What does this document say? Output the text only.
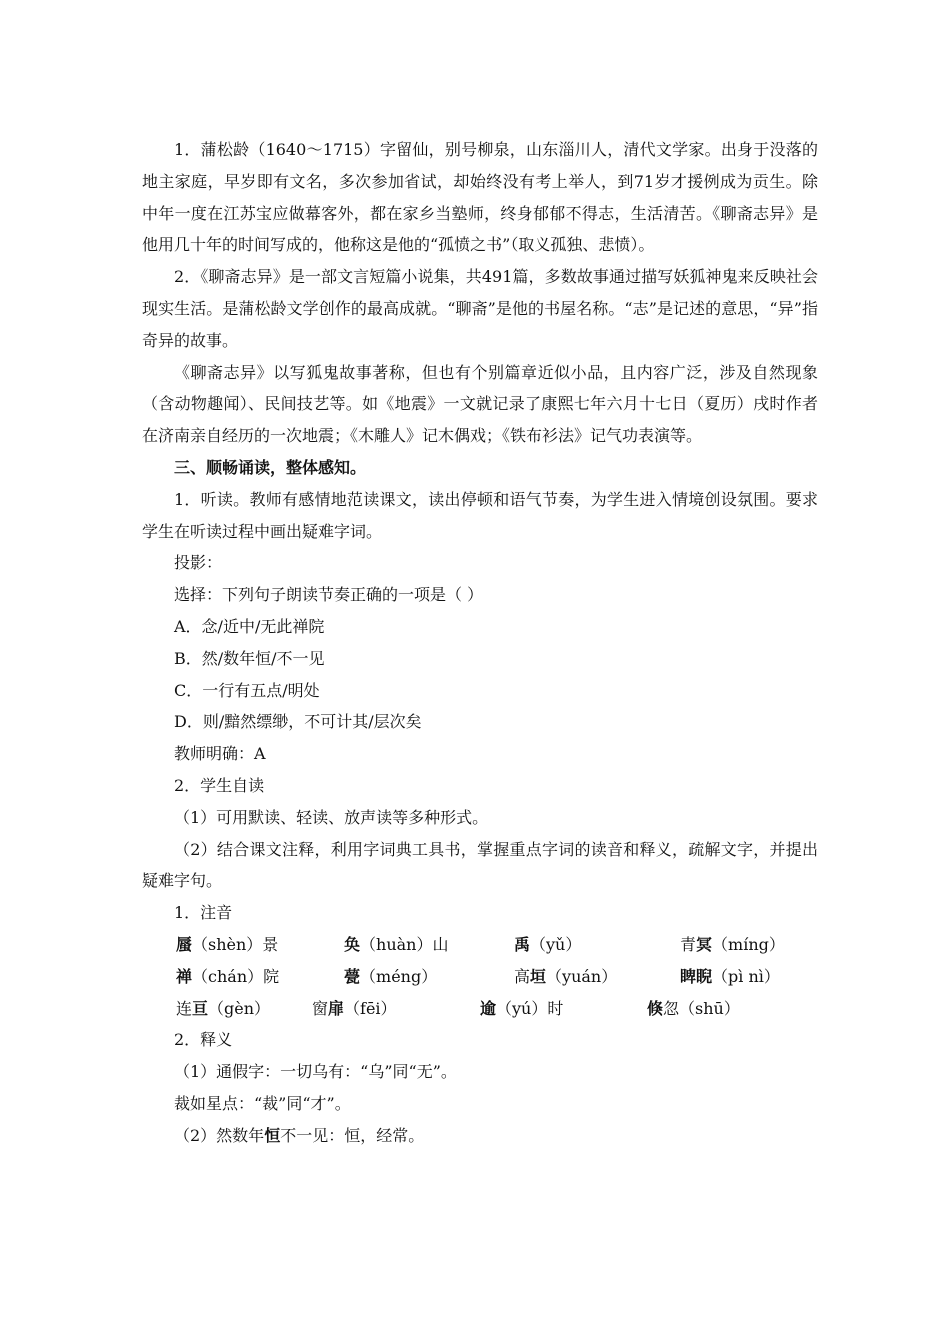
1．蒲松龄（1640～1715）字留仙，别号柳泉，山东淄川人，清代文学家。出身于没落的地主家庭，早岁即有文名，多次参加省试，却始终没有考上举人，到71岁才援例成为贡生。除中年一度在江苏宝应做幕客外，都在家乡当塾师，终身郁郁不得志，生活清苦。《聊斋志异》是他用几十年的时间写成的，他称这是他的“孤愤之书”（取义孤独、悲愤）。

2．《聊斋志异》是一部文言短篇小说集，共491篇，多数故事通过描写妖狐神鬼来反映社会现实生活。是蒲松龄文学创作的最高成就。“聊斋”是他的书屋名称。“志”是记述的意思，“异”指奇异的故事。

《聊斋志异》以写狐鬼故事著称，但也有个别篇章近似小品，且内容广泛，涉及自然现象（含动物趣闻）、民间技艺等。如《地震》一文就记录了康熙七年六月十七日（夏历）戌时作者在济南亲自经历的一次地震；《木雕人》记木偶戏；《铁布衫法》记气功表演等。

三、顺畅诵读，整体感知。

1．听读。教师有感情地范读课文，读出停顿和语气节奏，为学生进入情境创设氛围。要求学生在听读过程中画出疑难字词。

投影：

选择：下列句子朗读节奏正确的一项是（ ）

A．念/近中/无此禅院

B．然/数年恒/不一见

C．一行有五点/明处

D．则/黯然缥缈，不可计其/层次矣

教师明确：A

2．学生自读

（1）可用默读、轻读、放声读等多种形式。

（2）结合课文注释，利用字词典工具书，掌握重点字词的读音和释义，疏解文字，并提出疑难字句。

1．注音

蜃（shèn）景	奂（huàn）山	禹（yǔ）	青冥（míng）
禅（chán）院	甍（méng）	高垣（yuán）	睥睨（pì nì）
连亘（gèn）	窗扉（fēi）	逾（yú）时	倏忽（shū）

2．释义

（1）通假字：一切乌有：“乌”同“无”。

裁如星点：“裁”同“才”。

（2）然数年恒不一见：恒，经常。
